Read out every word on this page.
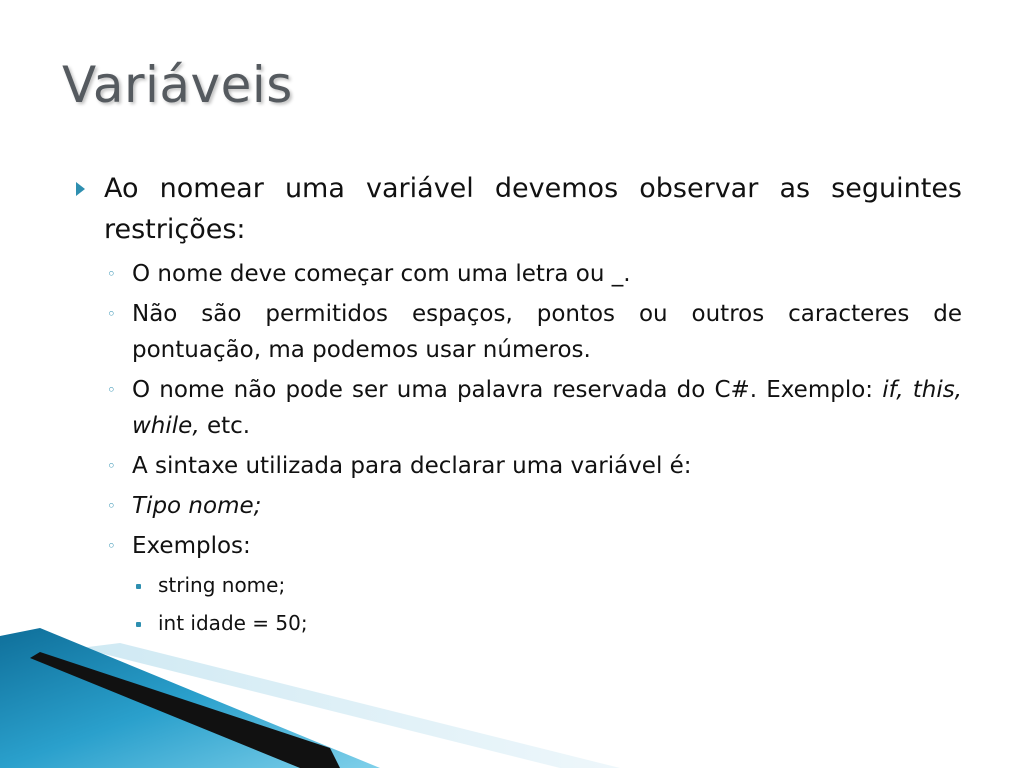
Variáveis
Ao nomear uma variável devemos observar as seguintes restrições:
◦ O nome deve começar com uma letra ou _.
◦ Não são permitidos espaços, pontos ou outros caracteres de pontuação, ma podemos usar números.
◦ O nome não pode ser uma palavra reservada do C#. Exemplo: if, this, while, etc.
◦ A sintaxe utilizada para declarar uma variável é:
◦ Tipo nome;
◦ Exemplos:
string nome;
int idade = 50;
